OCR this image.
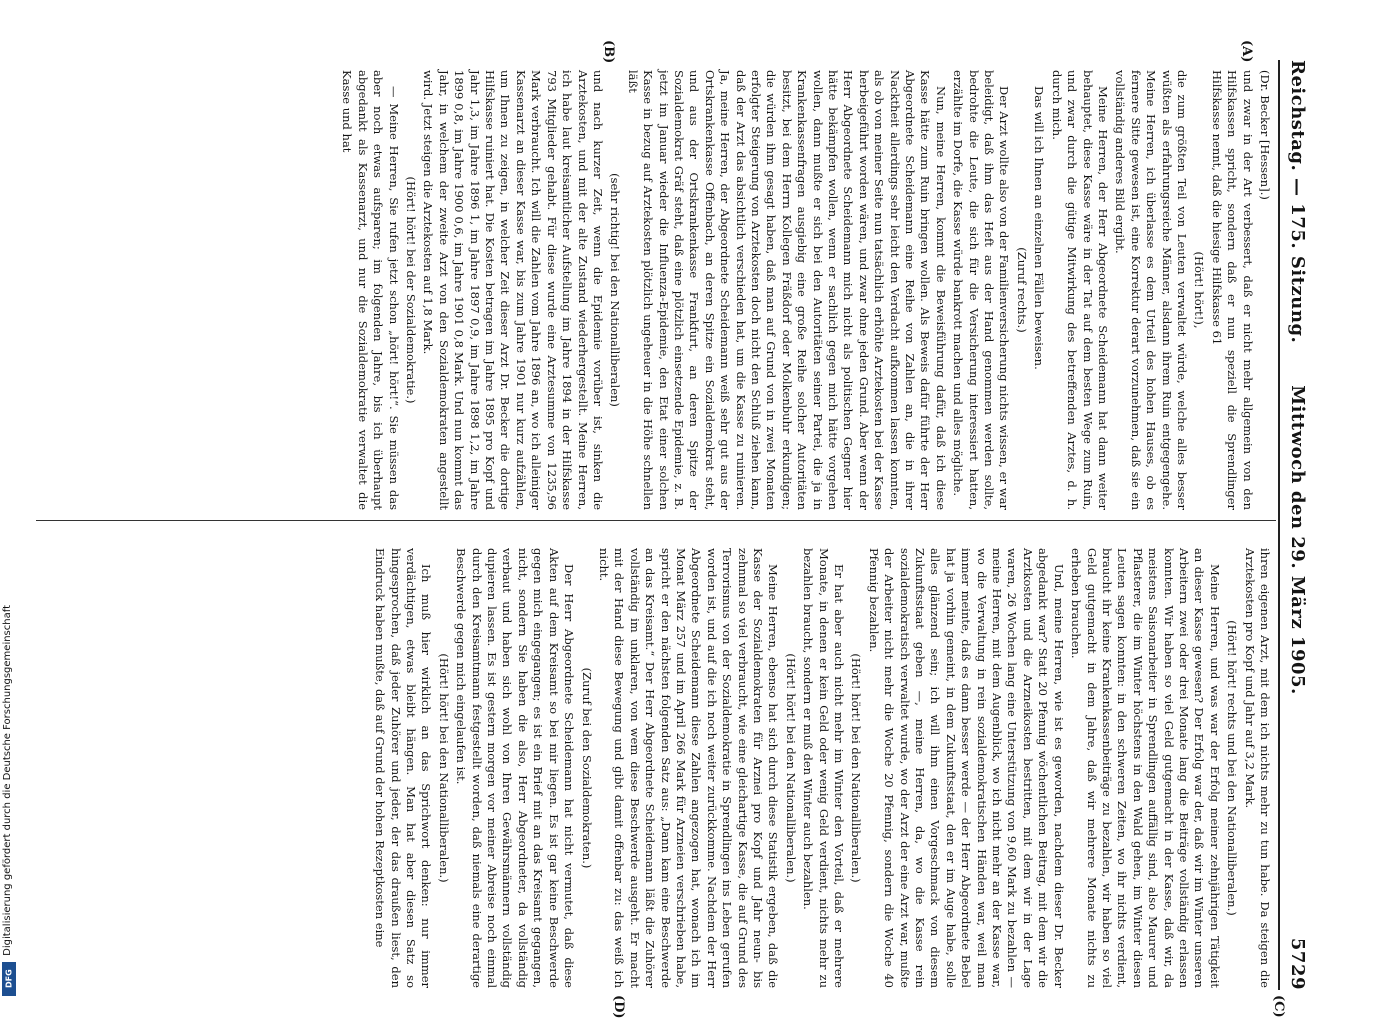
Reichstag. — 175. Sitzung.
Mittwoch den 29. März 1905.
5729
(A)
(B)
(C)
(D)

(Dr. Becker [Hessen].)

und zwar in der Art verbessert, daß er nicht mehr allgemein von den Hilfskassen spricht, sondern daß er nun speziell die Sprendlinger Hilfskasse nennt, daß die hiesige Hilfskasse 61

(Hört! hört!),

die zum größten Teil von Leuten verwaltet würde, welche alles besser wüßten als erfahrungsreiche Männer, alsdann ihrem Ruin entgegengehe. Meine Herren, ich überlasse es dem Urteil des hohen Hauses, ob es fernere Sitte gewesen ist, eine Korrektur derart vorzunehmen, daß sie ein vollständig anderes Bild ergibt.

Meine Herren, der Herr Abgeordnete Scheidemann hat dann weiter behauptet, diese Kasse wäre in der Tat auf dem besten Wege zum Ruin, und zwar durch die gütige Mitwirkung des betreffenden Arztes, d. h. durch mich.

Das will ich Ihnen an einzelnen Fällen beweisen.

(Zuruf rechts.)

Der Arzt wollte also von der Familienversicherung nichts wissen, er war beleidigt, daß ihm das Heft aus der Hand genommen werden sollte, bedrohte die Leute, die sich für die Versicherung interessiert hatten, erzählte im Dorfe, die Kasse würde bankrott machen und alles mögliche.

Nun, meine Herren, kommt die Beweisführung dafür, daß ich diese Kasse hätte zum Ruin bringen wollen. Als Beweis dafür führte der Herr Abgeordnete Scheidemann eine Reihe von Zahlen an, die in ihrer Nacktheit allerdings sehr leicht den Verdacht aufkommen lassen konnten, als ob von meiner Seite nun tatsächlich erhöhte Arztekosten bei der Kasse herbeigeführt worden wären, und zwar ohne jeden Grund. Aber wenn der Herr Abgeordnete Scheidemann mich nicht als politischen Gegner hier hätte bekämpfen wollen, wenn er sachlich gegen mich hätte vorgehen wollen, dann mußte er sich bei den Autoritäten seiner Partei, die ja in Krankenkassenfragen ausgiebig eine große Reihe solcher Autoritäten besitzt, bei dem Herrn Kollegen Fräßdorf oder Molkenbuhr erkundigen; die würden ihm gesagt haben, daß man auf Grund von in zwei Monaten erfolgter Steigerung von Arztekosten doch nicht den Schluß ziehen kann, daß der Arzt das absichtlich verschieden hat, um die Kasse zu ruinieren. Ja, meine Herren, der Abgeordnete Scheidemann weiß sehr gut aus der Ortskrankenkasse Offenbach, an deren Spitze ein Sozialdemokrat steht, und aus der Ortskrankenkasse Frankfurt, an deren Spitze der Sozialdemokrat Gräf steht, daß eine plötzlich einsetzende Epidemie, z. B. jetzt im Januar wieder die Influenza-Epidemie, den Etat einer solchen Kasse in bezug auf Arztekosten plötzlich ungeheuer in die Höhe schnellen läßt

(sehr richtig! bei den Nationalliberalen)

und nach kurzer Zeit, wenn die Epidemie vorüber ist, sinken die Arztekosten, und mit der alte Zustand wiederhergestellt. Meine Herren, ich habe laut kreisamtlicher Aufstellung im Jahre 1894 in der Hilfskasse 793 Mitglieder gehabt. Für diese wurde eine Arztesumme von 1235,96 Mark verbraucht. Ich will die Zahlen vom Jahre 1896 an, wo ich alleiniger Kassenarzt an dieser Kasse war, bis zum Jahre 1901 nur kurz aufzählen, um Ihnen zu zeigen, in welcher Zeit dieser Arzt Dr. Becker die dortige Hilfskasse ruiniert hat. Die Kosten betragen im Jahre 1895 pro Kopf und Jahr 1,3, im Jahre 1896 1, im Jahre 1897 0,9, im Jahre 1898 1,2, im Jahre 1899 0,8, im Jahre 1900 0,6, im Jahre 1901 0,8 Mark. Und nun kommt das Jahr, in welchem der zweite Arzt von den Sozialdemokraten angestellt wird. Jetzt steigen die Arztekosten auf 1,8 Mark.

(Hört! hört! bei der Sozialdemokratie.)

— Meine Herren, Sie rufen jetzt schon „hört! hört!“. Sie müssen das aber noch etwas aufsparen; im folgenden Jahre, bis ich überhaupt abgedankt als Kassenarzt, und nur die Sozialdemokratie verwaltet die Kasse und hat

ihren eigenen Arzt, mit dem ich nichts mehr zu tun habe. Da steigen die Arztekosten pro Kopf und Jahr auf 3,2 Mark.

(Hört! hört! rechts und bei den Nationalliberalen.)

Meine Herren, und was war der Erfolg meiner zehnjährigen Tätigkeit an dieser Kasse gewesen? Der Erfolg war der, daß wir im Winter unseren Arbeitern zwei oder drei Monate lang die Beiträge vollständig erlassen konnten. Wir haben so viel Geld gutgemacht in der Kasse, daß wir, da meistens Saisonarbeiter in Sprendlingen auffällig sind, also Maurer und Pflasterer, die im Winter höchstens in den Wald gehen, im Winter diesen Leuten sagen konnten: in den schweren Zeiten, wo ihr nichts verdient, braucht ihr keine Krankenkassenbeiträge zu bezahlen, wir haben so viel Geld gutgemacht in dem Jahre, daß wir mehrere Monate nichts zu erheben brauchen.

Und, meine Herren, wie ist es geworden, nachdem dieser Dr. Becker abgedankt war? Statt 20 Pfennig wöchentlichen Beitrag, mit dem wir die Arztkosten und die Arzneikosten bestritten, mit dem wir in der Lage waren, 26 Wochen lang eine Unterstützung von 9,60 Mark zu bezahlen — meine Herren, mit dem Augenblick, wo ich nicht mehr an der Kasse war, wo die Verwaltung in rein sozialdemokratischen Händen war, weil man immer meinte, daß es dann besser werde — der Herr Abgeordnete Bebel hat ja vorhin gemeint, in dem Zukunftsstaat, den er im Auge habe, solle alles glänzend sein; ich will ihm einen Vorgeschmack von diesem Zukunftsstaat geben —, meine Herren, da, wo die Kasse rein sozialdemokratisch verwaltet wurde, wo der Arzt der eine Arzt war, mußte der Arbeiter nicht mehr die Woche 20 Pfennig, sondern die Woche 40 Pfennig bezahlen.

(Hört! hört! bei den Nationalliberalen.)

Er hat aber auch nicht mehr im Winter den Vorteil, daß er mehrere Monate, in denen er kein Geld oder wenig Geld verdient, nichts mehr zu bezahlen braucht, sondern er muß den Winter auch bezahlen.

(Hört! hört! bei den Nationalliberalen.)

Meine Herren, ebenso hat sich durch diese Statistik ergeben, daß die Kasse der Sozialdemokraten für Arznei pro Kopf und Jahr neun- bis zehnmal so viel verbraucht, wie eine gleichartige Kasse, die auf Grund des Terrorismus von der Sozialdemokratie in Sprendlingen ins Leben gerufen worden ist, und auf die ich noch weiter zurückkomme. Nachdem der Herr Abgeordnete Scheidemann diese Zahlen angezogen hat, wonach ich im Monat März 257 und im April 266 Mark für Arzneien verschrieben habe, spricht er den nächsten folgenden Satz aus: „Dann kam eine Beschwerde an das Kreisamt.“ Der Herr Abgeordnete Scheidemann läßt die Zuhörer vollständig im unklaren, von wem diese Beschwerde ausgeht. Er macht mit der Hand diese Bewegung und gibt damit offenbar zu: das weiß ich nicht.

(Zuruf bei den Sozialdemokraten.)

Der Herr Abgeordnete Scheidemann hat nicht vermutet, daß diese Akten auf dem Kreisamt so bei mir liegen. Es ist gar keine Beschwerde gegen mich eingegangen; es ist ein Brief mit an das Kreisamt gegangen, nicht, sondern Sie haben die also, Herr Abgeordneter, da vollständig verbaut und haben sich wohl von Ihren Gewährsmännern vollständig dupieren lassen. Es ist gestern morgen vor meiner Abreise noch einmal durch den Kreisamtmann festgestellt worden, daß niemals eine derartige Beschwerde gegen mich eingelaufen ist.

(Hört! hört! bei den Nationalliberalen.)

Ich muß hier wirklich an das Sprichwort denken: nur immer verdächtigen, etwas bleibt hängen. Man hat aber diesen Satz so hingesprochen, daß jeder Zuhörer und jeder, der das draußen liest, den Eindruck haben mußte, daß auf Grund der hohen Rezeptkosten eine

Digitalisierung gefördert durch die Deutsche Forschungsgemeinschaft
DFG
